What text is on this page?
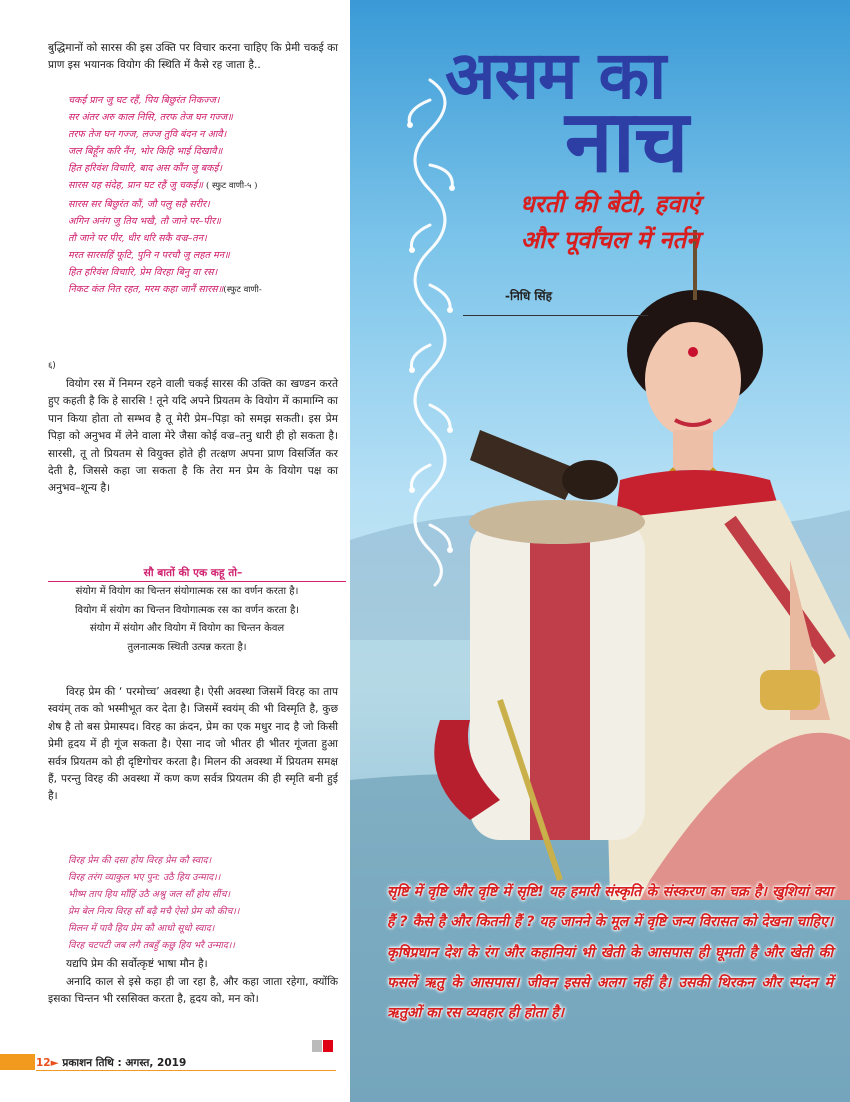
बुद्धिमानों को सारस की इस उक्ति पर विचार करना चाहिए कि प्रेमी चकई का प्राण इस भयानक वियोग की स्थिति में कैसे रह जाता है..

चकई प्रान जु घट रहैं, पिय बिछुरंत निकज्ज।
सर अंतर अरु काल निसि, तरफ तेज घन गज्ज॥
तरफ तेज घन गज्ज, लज्ज तुवि बंदन न आवै।
जल बिहूँन करि नैंन, भोर किहि भाई दिखावै॥
हित हरिवंश विचारि, बाद अस कौंन जु बकई।
सारस यह संदेह, प्रान घट रहैं जु चकई॥ ( स्फुट वाणी-५ )
सारस सर बिछुरंत कौं, जौ पलु सहै सरीर।
अगिन अनंग जु तिय भखै, तौ जाने पर–पीर॥
तौ जाने पर पीर, धीर धरि सकै वज्र–तन।
मरत सारसहिं फूटि, पुनि न परचौ जु लहत मन॥
हित हरिवंश विचारि, प्रेम विरहा बिनु वा रस।
निकट कंत नित रहत, मरम कहा जानैं सारस॥(स्फुट वाणी-
६)

वियोग रस में निमग्न रहने वाली चकई सारस की उक्ति का खण्डन करते हुए कहती है कि हे सारसि ! तूने यदि अपने प्रियतम के वियोग में कामाग्नि का पान किया होता तो सम्भव है तू मेरी प्रेम–पिड़ा को समझ सकती। इस प्रेम पिड़ा को अनुभव में लेने वाला मेरे जैसा कोई वज्र–तनु धारी ही हो सकता है। सारसी, तू तो प्रियतम से वियुक्त होते ही तत्क्षण अपना प्राण विसर्जित कर देती है, जिससे कहा जा सकता है कि तेरा मन प्रेम के वियोग पक्ष का अनुभव–शून्य है।

सौ बातों की एक कहू तो–
संयोग में वियोग का चिन्तन संयोगात्मक रस का वर्णन करता है।
वियोग में संयोग का चिन्तन वियोगात्मक रस का वर्णन करता है।
संयोग में संयोग और वियोग में वियोग का चिन्तन केवल
तुलनात्मक स्थिती उत्पन्न करता है।

विरह प्रेम की ‘ परमोच्च’ अवस्था है। ऐसी अवस्था जिसमें विरह का ताप स्वयंम् तक को भस्मीभूत कर देता है। जिसमें स्वयंम् की भी विस्मृति है, कुछ शेष है तो बस प्रेमास्पद। विरह का क्रंदन, प्रेम का एक मधुर नाद है जो किसी प्रेमी हृदय में ही गूंज सकता है। ऐसा नाद जो भीतर ही भीतर गूंजता हुआ सर्वत्र प्रियतम को ही दृष्टिगोचर करता है। मिलन की अवस्था में प्रियतम समक्ष हैं, परन्तु विरह की अवस्था में कण कण सर्वत्र प्रियतम की ही स्मृति बनी हुई है।

विरह प्रेम की दसा होय विरह प्रेम कौ स्वाद।
विरह तरंग व्याकुल भए पुन: उठै हिय उन्माद।।
भीष्म ताप हिय माँहिं उठै अश्रु जल सौं होय सींच।
प्रेम बेल नित्य विरह सौं बढ़ै मचै ऐसो प्रेम कौ कीच।।
मिलन में पावै हिय प्रेम कौ आधो सूधो स्वाद।
विरह चटपटी जब लगै तबहुँ कछु हिय भरै उन्माद।।

यद्यपि प्रेम की सर्वोत्कृष्टं भाषा मौन है।

अनादि काल से इसे कहा ही जा रहा है, और कहा जाता रहेगा, क्योंकि इसका चिन्तन भी रससिक्त करता है, हृदय को, मन को।

12► प्रकाशन तिथि : अगस्त, 2019
असम का
नाच
धरती की बेटी, हवाएं
और पूर्वांचल में नर्तन
-निधि सिंह
सृष्टि में वृष्टि और वृष्टि में सृष्टि! यह हमारी संस्कृति के संस्करण का चक्र है। खुशियां क्या हैं ? कैसे है और कितनी हैं ? यह जानने के मूल में वृष्टि जन्य विरासत को देखना चाहिए। कृषिप्रधान देश के रंग और कहानियां भी खेती के आसपास ही घूमती है और खेती की फसलें ऋतु के आसपास। जीवन इससे अलग नहीं है। उसकी थिरकन और स्पंदन में ऋतुओं का रस व्यवहार ही होता है।
